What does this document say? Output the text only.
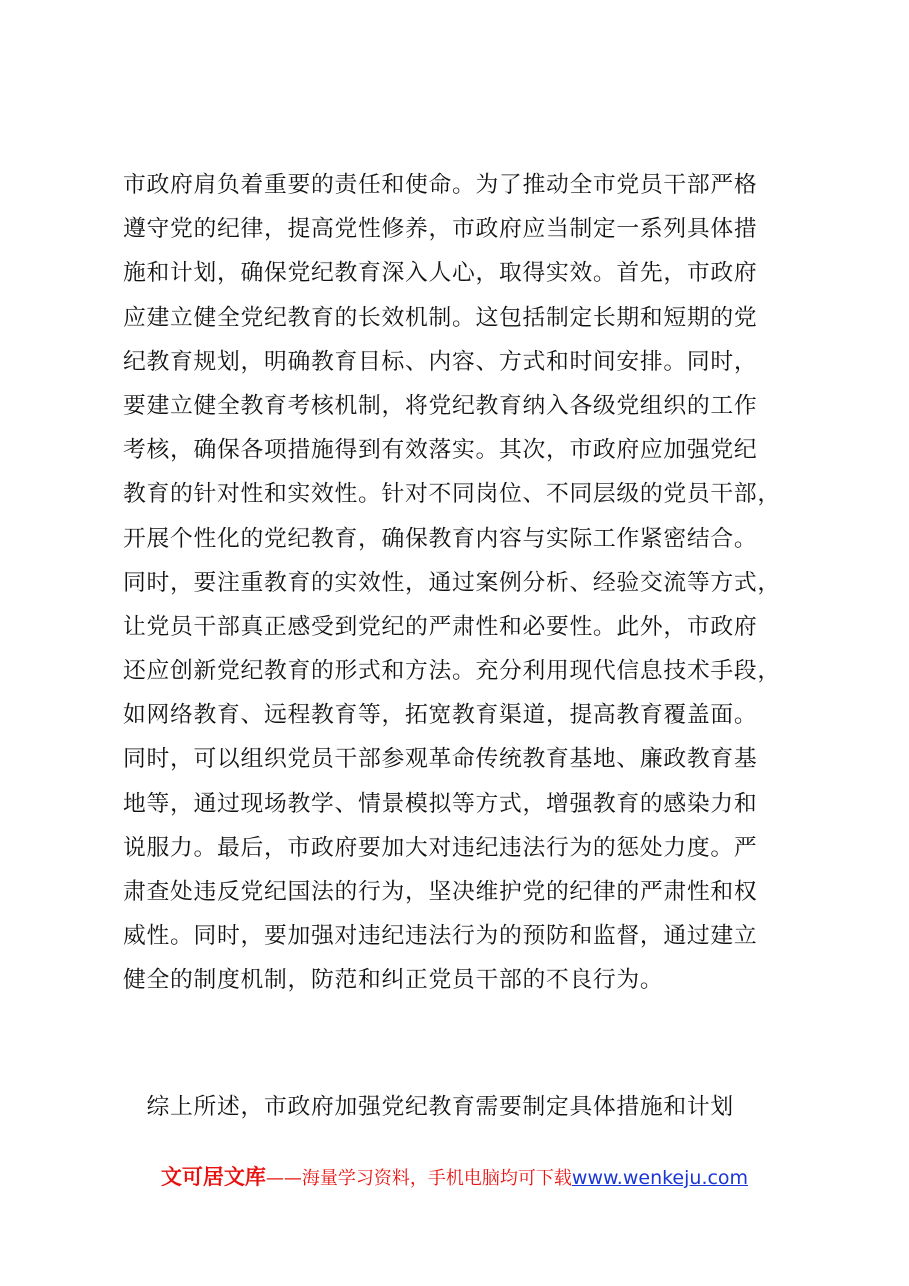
市政府肩负着重要的责任和使命。为了推动全市党员干部严格
遵守党的纪律，提高党性修养，市政府应当制定一系列具体措
施和计划，确保党纪教育深入人心，取得实效。首先，市政府
应建立健全党纪教育的长效机制。这包括制定长期和短期的党
纪教育规划，明确教育目标、内容、方式和时间安排。同时，
要建立健全教育考核机制，将党纪教育纳入各级党组织的工作
考核，确保各项措施得到有效落实。其次，市政府应加强党纪
教育的针对性和实效性。针对不同岗位、不同层级的党员干部，
开展个性化的党纪教育，确保教育内容与实际工作紧密结合。
同时，要注重教育的实效性，通过案例分析、经验交流等方式，
让党员干部真正感受到党纪的严肃性和必要性。此外，市政府
还应创新党纪教育的形式和方法。充分利用现代信息技术手段，
如网络教育、远程教育等，拓宽教育渠道，提高教育覆盖面。
同时，可以组织党员干部参观革命传统教育基地、廉政教育基
地等，通过现场教学、情景模拟等方式，增强教育的感染力和
说服力。最后，市政府要加大对违纪违法行为的惩处力度。严
肃查处违反党纪国法的行为，坚决维护党的纪律的严肃性和权
威性。同时，要加强对违纪违法行为的预防和监督，通过建立
健全的制度机制，防范和纠正党员干部的不良行为。
　综上所述，市政府加强党纪教育需要制定具体措施和计划
文可居文库——海量学习资料，手机电脑均可下载www.wenkeju.com
